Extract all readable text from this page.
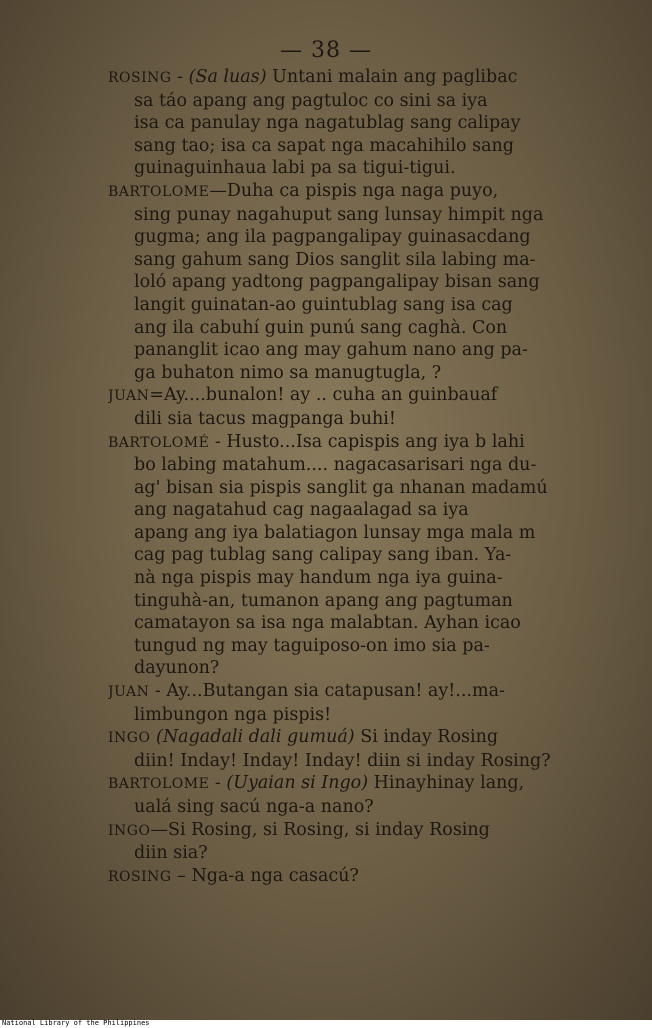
— 38 —
ROSING - (Sa luas) Untani malain ang paglibac
sa táo apang ang pagtuloc co sini sa iya
isa ca panulay nga nagatublag sang calipay
sang tao; isa ca sapat nga macahihilo sang
guinaguinhaua labi pa sa tigui-tigui.
BARTOLOME—Duha ca pispis nga naga puyo,
sing punay nagahuput sang lunsay himpit nga
gugma; ang ila pagpangalipay guinasacdang
sang gahum sang Dios sanglit sila labing ma-
loló apang yadtong pagpangalipay bisan sang
langit guinatan-ao guintublag sang isa cag
ang ila cabuhí guin punú sang caghà. Con
pananglit icao ang may gahum nano ang pa-
ga buhaton nimo sa manugtugla, ?
JUAN=Ay....bunalon! ay .. cuha an guinbauaf
dili sia tacus magpanga buhi!
BARTOLOMÉ - Husto...Isa capispis ang iya b lahi
bo labing matahum.... nagacasarisari nga du-
ag' bisan sia pispis sanglit ga nhanan madamú
ang nagatahud cag nagaalagad sa iya
apang ang iya balatiagon lunsay mga mala m
cag pag tublag sang calipay sang iban. Ya-
nà nga pispis may handum nga iya guina-
tinguhà-an, tumanon apang ang pagtuman
camatayon sa isa nga malabtan. Ayhan icao
tungud ng may taguiposo-on imo sia pa-
dayunon?
JUAN - Ay...Butangan sia catapusan! ay!...ma-
limbungon nga pispis!
INGO (Nagadali dali gumuá) Si inday Rosing
diin! Inday! Inday! Inday! diin si inday Rosing?
BARTOLOME - (Uyaian si Ingo) Hinayhinay lang,
ualá sing sacú nga-a nano?
INGO—Si Rosing, si Rosing, si inday Rosing
diin sia?
ROSING – Nga-a nga casacú?
National Library of the Philippines
